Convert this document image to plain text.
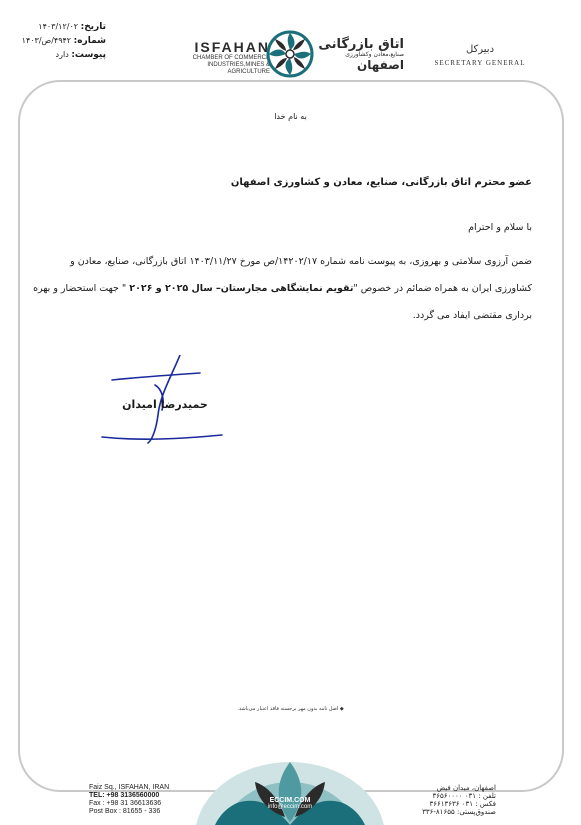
تاریخ: ۱۴۰۳/۱۲/۰۲
شماره: ۴۹۴۲/ص/۱۴۰۳
پیوست: دارد	ISFAHAN
CHAMBER OF COMMERCE
INDUSTRIES,MINES & AGRICULTURE
اتاق بازرگانی
صنایع،معادن وکشاورزی
اصفهان
دبیرکل
SECRETARY GENERAL
به نام خدا
عضو محترم اتاق بازرگانی، صنایع، معادن و کشاورزی اصفهان
با سلام و احترام
ضمن آرزوی سلامتی و بهروزی، به پیوست نامه شماره ۱۴۲۰۲/۱۷/ص مورخ ۱۴۰۳/۱۱/۲۷ اتاق بازرگانی، صنایع، معادن و کشاورزی ایران به همراه ضمائم در خصوص "تقویم نمایشگاهی مجارستان– سال ۲۰۲۵ و ۲۰۲۶ " جهت استحضار و بهره برداری مقتضی ایفاد می گردد.
حمیدرضا امیدان
◆ اصل نامه بدون مهر برجسته فاقد اعتبار می‌باشد.
Faiz Sq., ISFAHAN, IRAN
TEL: +98 3136560000
Fax : +98 31 36613636
Post Box : 81655 - 336
ECCIM.COM
info@eccim.com
اصفهان، میدان فیض
تلفن : ۰۳۱ ۳۶۵۶۰۰۰۰
فکس : ۰۳۱ ۳۶۶۱۳۶۳۶
صندوق‌پستی: ۸۱۶۵۵-۳۳۶
